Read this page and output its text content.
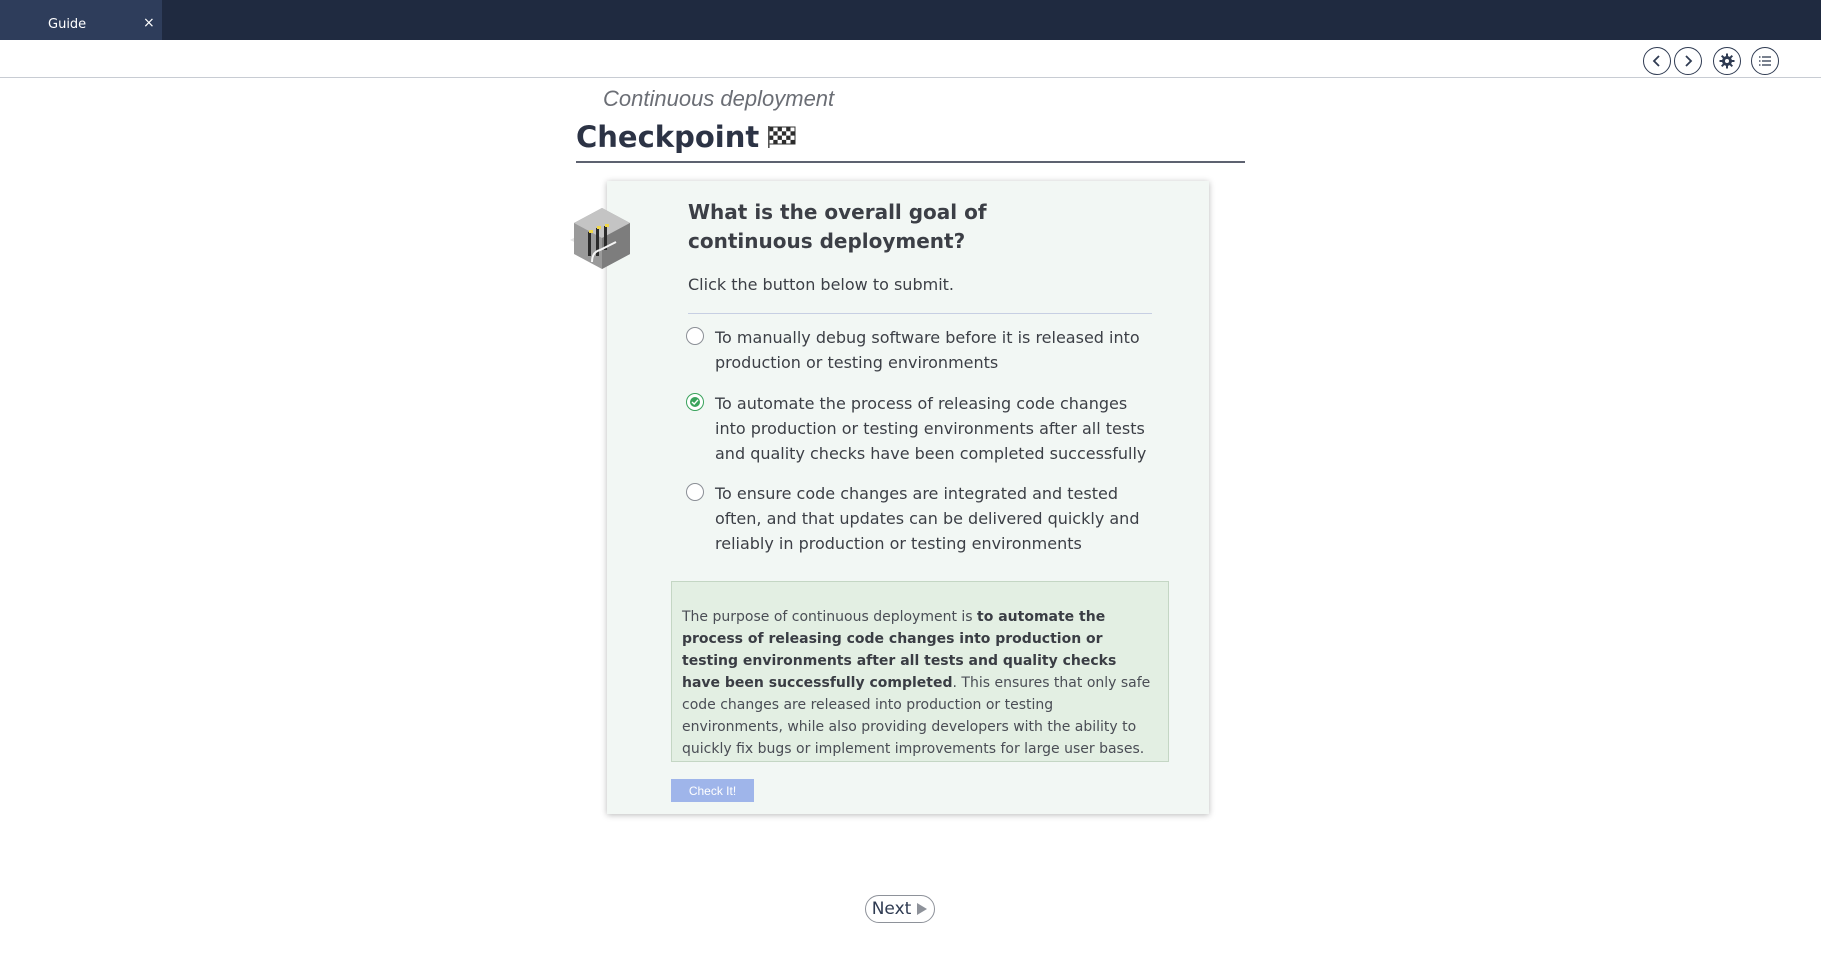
Guide	×
Continuous deployment
Checkpoint
What is the overall goal of continuous deployment?
Click the button below to submit.
To manually debug software before it is released into production or testing environments
To automate the process of releasing code changes into production or testing environments after all tests and quality checks have been completed successfully
To ensure code changes are integrated and tested often, and that updates can be delivered quickly and reliably in production or testing environments
The purpose of continuous deployment is to automate the process of releasing code changes into production or testing environments after all tests and quality checks have been successfully completed. This ensures that only safe code changes are released into production or testing environments, while also providing developers with the ability to quickly fix bugs or implement improvements for large user bases.
Check It!
Next
